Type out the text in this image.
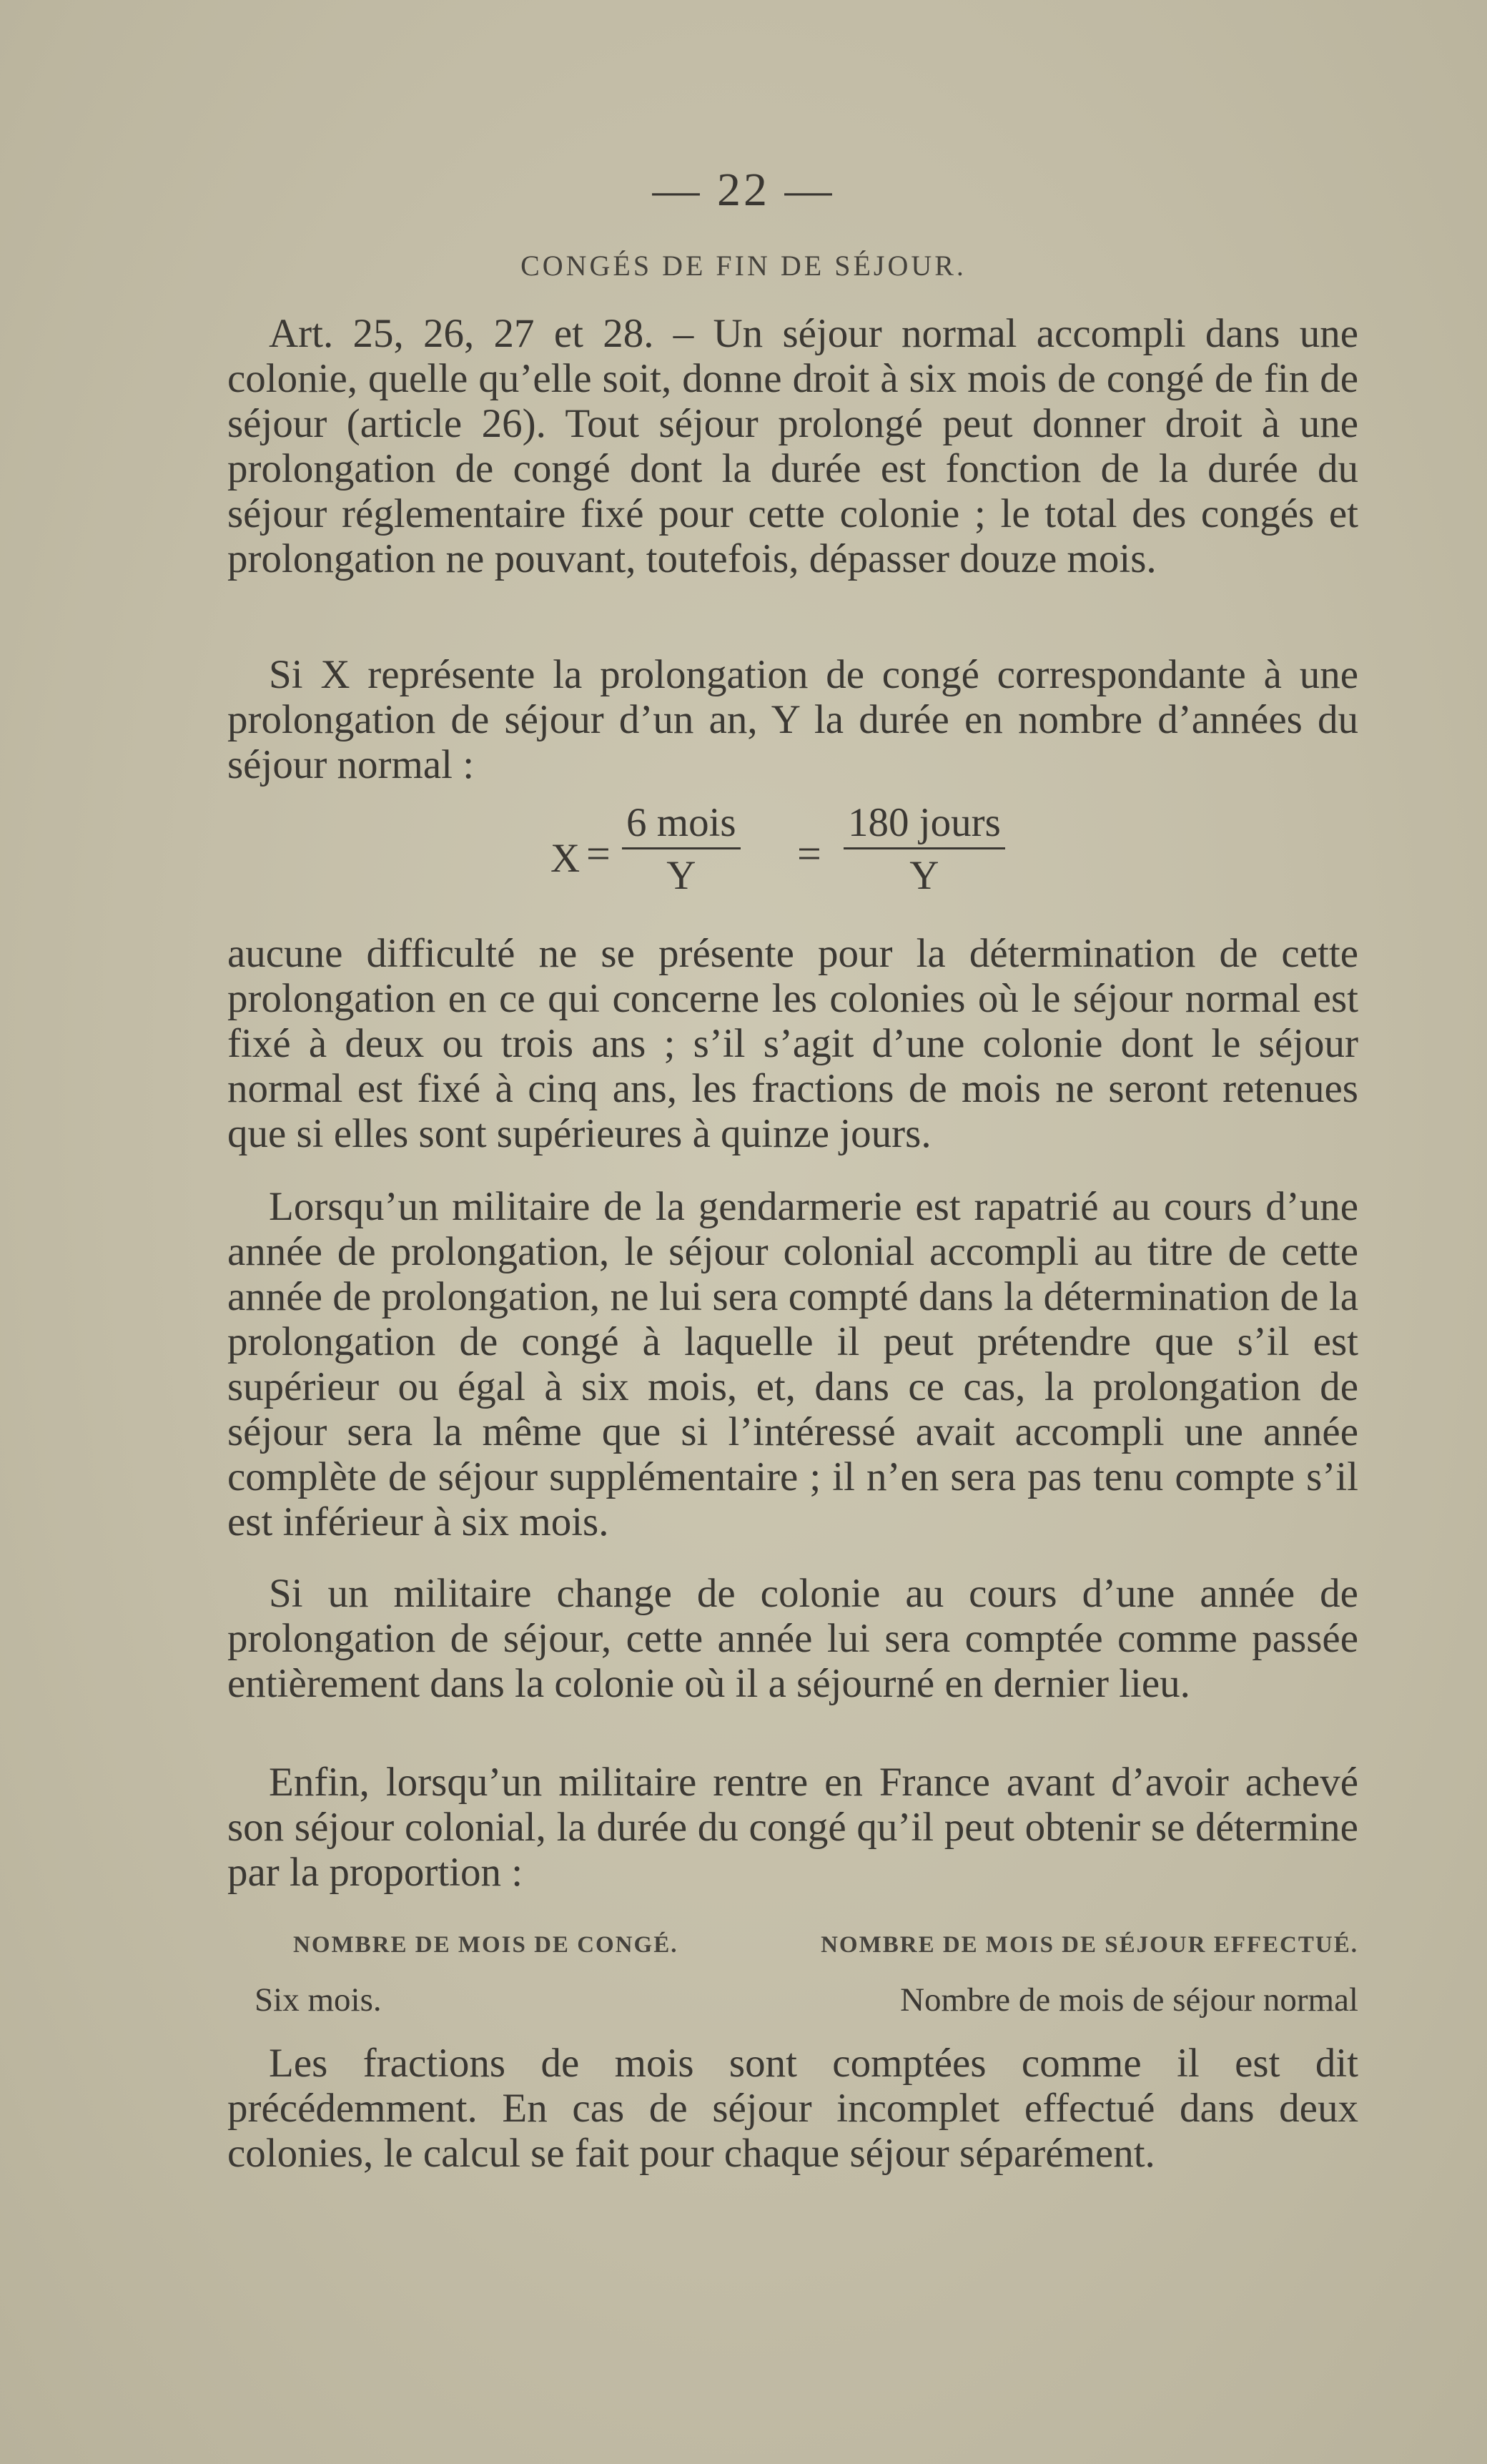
— 22 —
CONGÉS DE FIN DE SÉJOUR.

Art. 25, 26, 27 et 28. – Un séjour normal accompli dans une colonie, quelle qu’elle soit, donne droit à six mois de congé de fin de séjour (article 26). Tout séjour prolongé peut donner droit à une prolongation de congé dont la durée est fonction de la durée du séjour réglementaire fixé pour cette colonie ; le total des congés et prolongation ne pouvant, toutefois, dépasser douze mois.

Si X représente la prolongation de congé correspondante à une prolongation de séjour d’un an, Y la durée en nombre d’années du séjour normal :

X =
6 mois
Y	=
180 jours
Y

aucune difficulté ne se présente pour la détermination de cette prolongation en ce qui concerne les colonies où le séjour normal est fixé à deux ou trois ans ; s’il s’agit d’une colonie dont le séjour normal est fixé à cinq ans, les fractions de mois ne seront retenues que si elles sont supérieures à quinze jours.

Lorsqu’un militaire de la gendarmerie est rapatrié au cours d’une année de prolongation, le séjour colonial accompli au titre de cette année de prolongation, ne lui sera compté dans la détermination de la prolongation de congé à laquelle il peut prétendre que s’il est supérieur ou égal à six mois, et, dans ce cas, la prolongation de séjour sera la même que si l’intéressé avait accompli une année complète de séjour supplémentaire ; il n’en sera pas tenu compte s’il est inférieur à six mois.

Si un militaire change de colonie au cours d’une année de prolongation de séjour, cette année lui sera comptée comme passée entièrement dans la colonie où il a séjourné en dernier lieu.

Enfin, lorsqu’un militaire rentre en France avant d’avoir achevé son séjour colonial, la durée du congé qu’il peut obtenir se détermine par la proportion :

NOMBRE DE MOIS DE CONGÉ.	NOMBRE DE MOIS DE SÉJOUR EFFECTUÉ.
Six mois.	Nombre de mois de séjour normal

Les fractions de mois sont comptées comme il est dit précédemment. En cas de séjour incomplet effectué dans deux colonies, le calcul se fait pour chaque séjour séparément.
